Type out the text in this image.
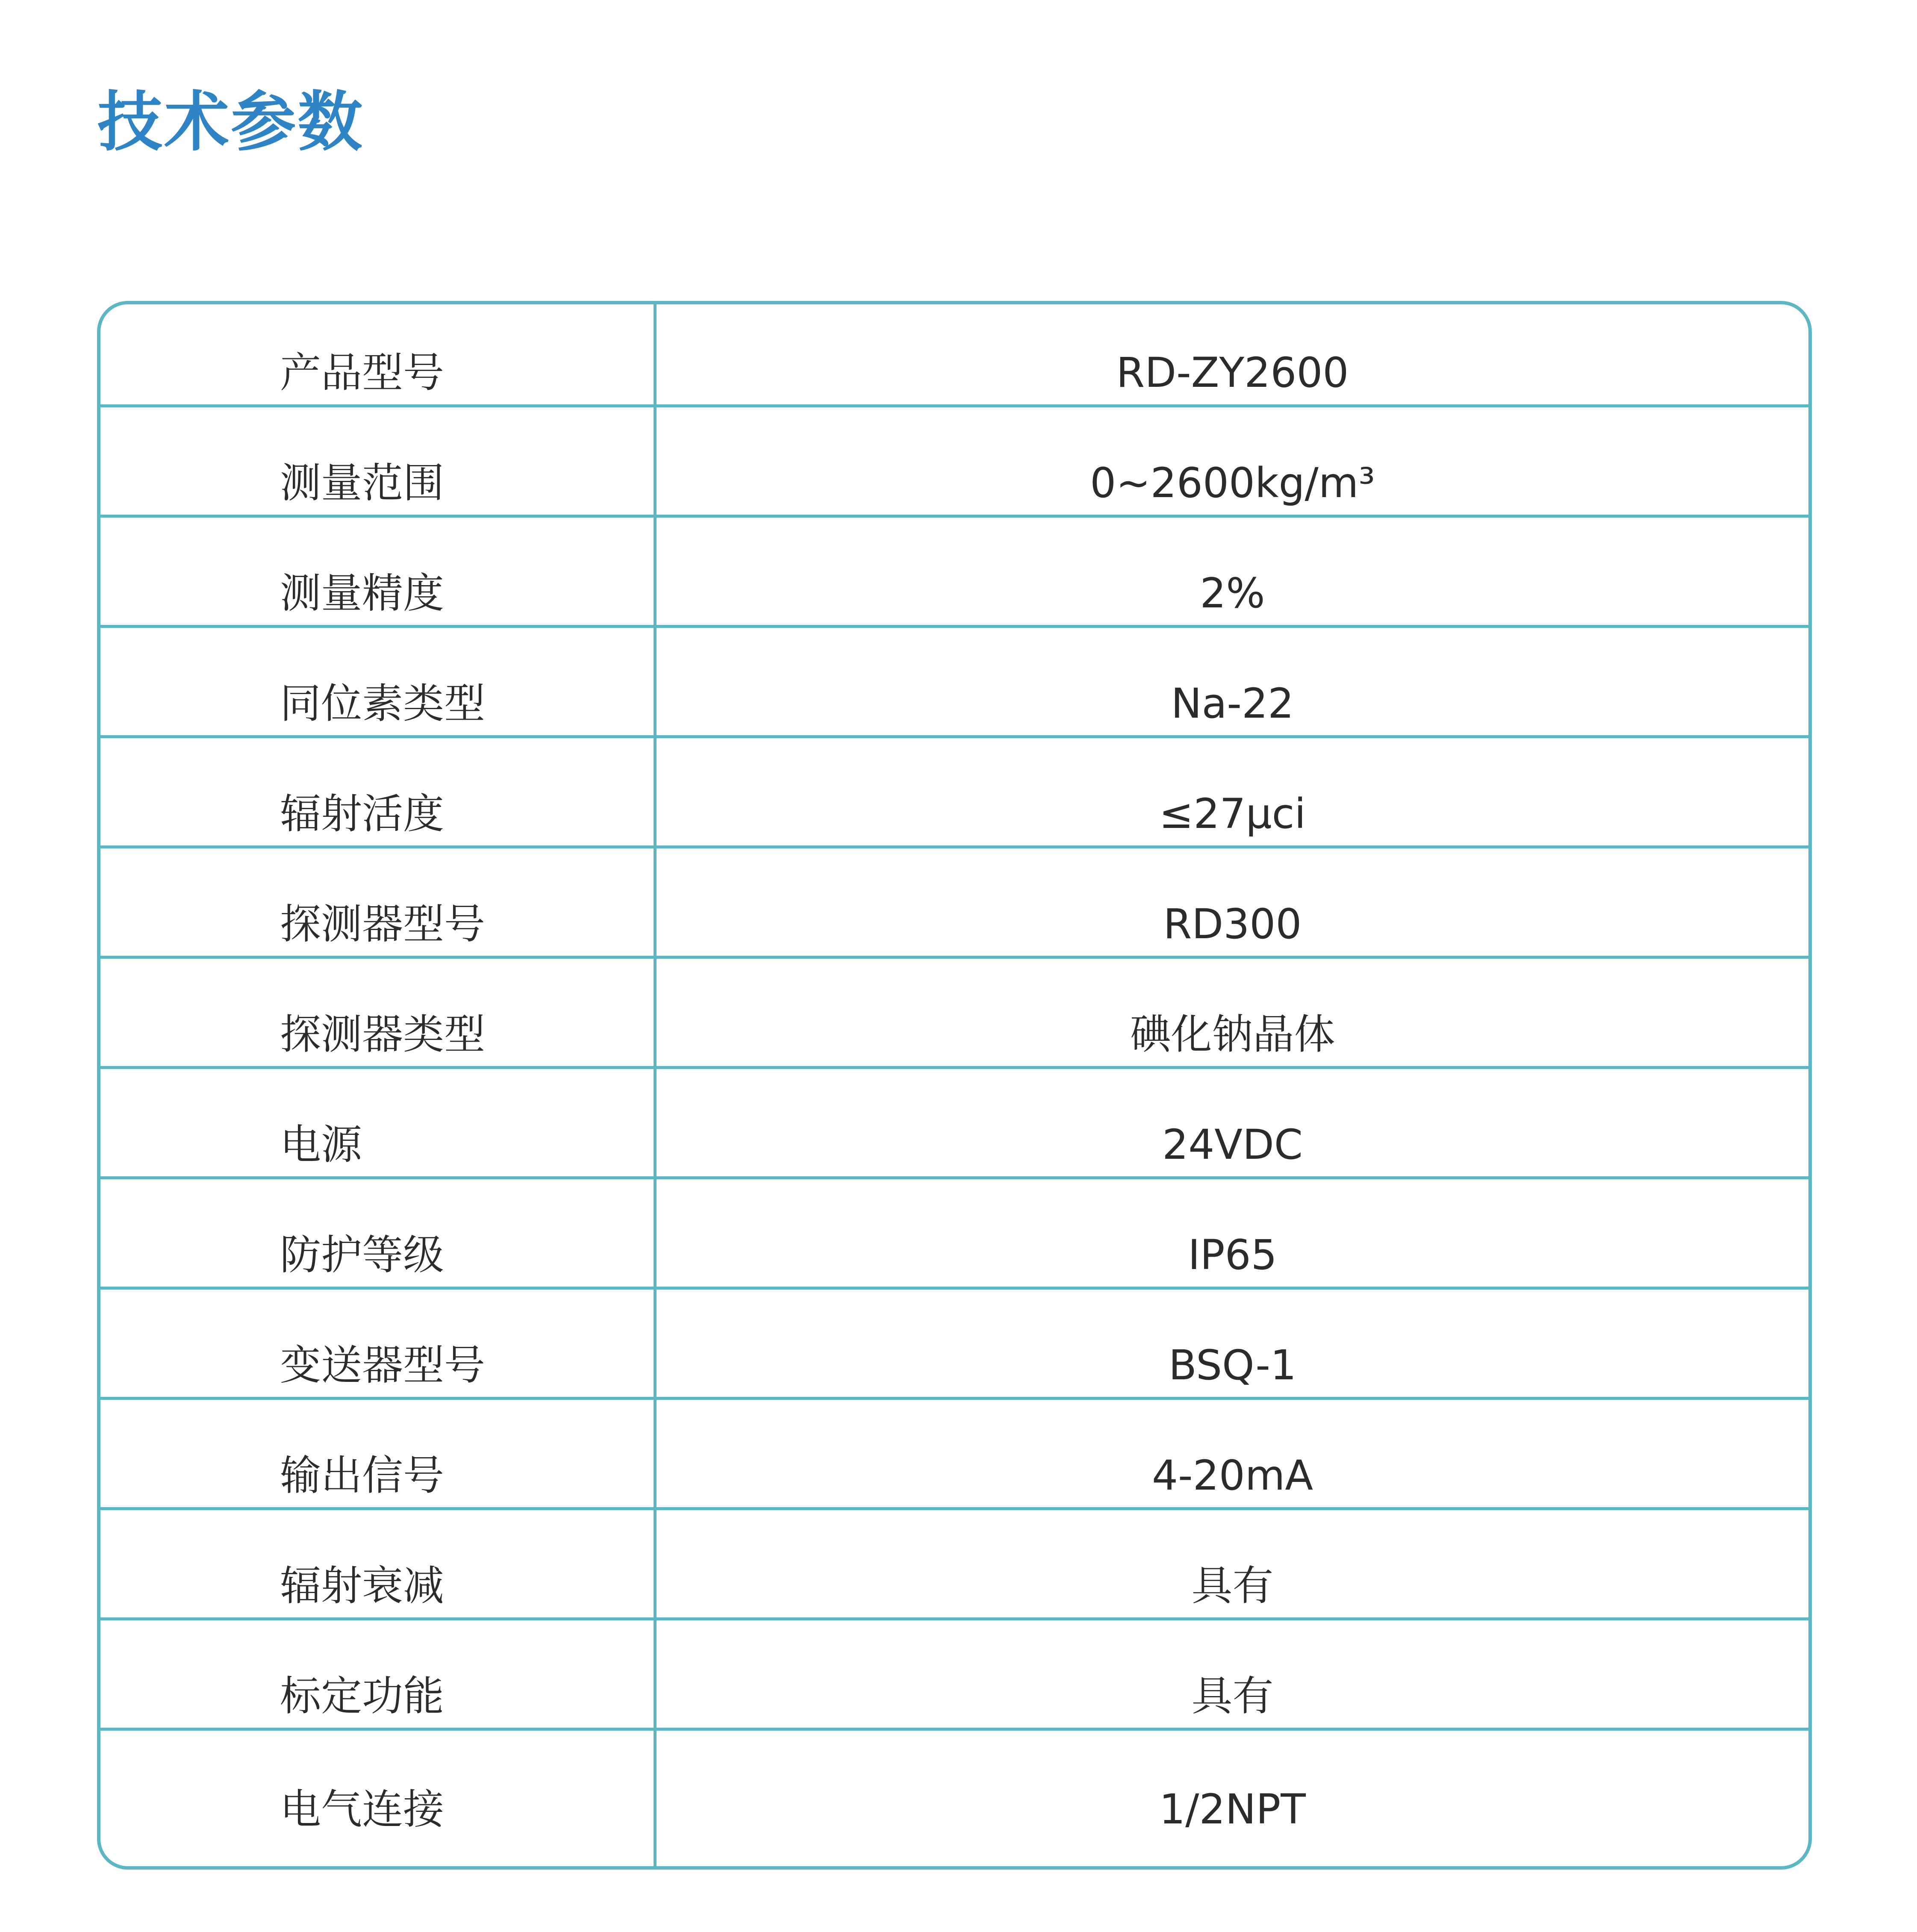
技术参数
产品型号	RD-ZY2600
测量范围	0~2600kg/m³
测量精度	2%
同位素类型	Na-22
辐射活度	≤27μci
探测器型号	RD300
探测器类型	碘化钠晶体
电源	24VDC
防护等级	IP65
变送器型号	BSQ-1
输出信号	4-20mA
辐射衰减	具有
标定功能	具有
电气连接	1/2NPT
